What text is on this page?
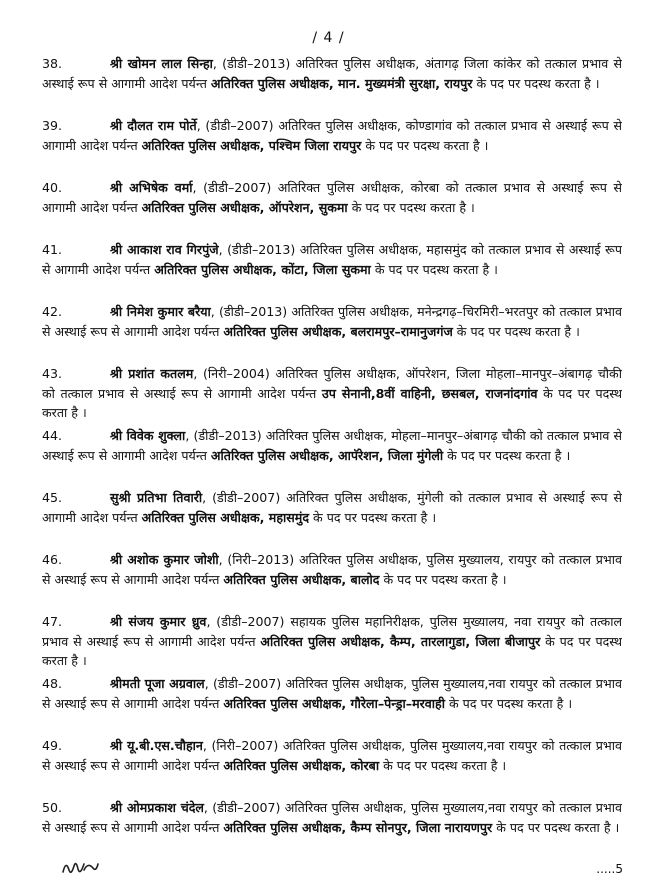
/ 4 /
38.	श्री खोमन लाल सिन्हा, (डीडी–2013) अतिरिक्त पुलिस अधीक्षक, अंतागढ़ जिला कांकेर को तत्काल प्रभाव से अस्थाई रूप से आगामी आदेश पर्यन्त अतिरिक्त पुलिस अधीक्षक, मान. मुख्यमंत्री सुरक्षा, रायपुर के पद पर पदस्थ करता है ।
39.	श्री दौलत राम पोर्ते, (डीडी–2007) अतिरिक्त पुलिस अधीक्षक, कोण्डागांव को तत्काल प्रभाव से अस्थाई रूप से आगामी आदेश पर्यन्त अतिरिक्त पुलिस अधीक्षक, पश्चिम जिला रायपुर के पद पर पदस्थ करता है ।
40.	श्री अभिषेक वर्मा, (डीडी–2007) अतिरिक्त पुलिस अधीक्षक, कोरबा को तत्काल प्रभाव से अस्थाई रूप से आगामी आदेश पर्यन्त अतिरिक्त पुलिस अधीक्षक, ऑपरेशन, सुकमा के पद पर पदस्थ करता है ।
41.	श्री आकाश राव गिरपुंजे, (डीडी–2013) अतिरिक्त पुलिस अधीक्षक, महासमुंद को तत्काल प्रभाव से अस्थाई रूप से आगामी आदेश पर्यन्त अतिरिक्त पुलिस अधीक्षक, कोंटा, जिला सुकमा के पद पर पदस्थ करता है ।
42.	श्री निमेश कुमार बरैया, (डीडी–2013) अतिरिक्त पुलिस अधीक्षक, मनेन्द्रगढ़–चिरमिरी–भरतपुर को तत्काल प्रभाव से अस्थाई रूप से आगामी आदेश पर्यन्त अतिरिक्त पुलिस अधीक्षक, बलरामपुर–रामानुजगंज के पद पर पदस्थ करता है ।
43.	श्री प्रशांत कतलम, (निरी–2004) अतिरिक्त पुलिस अधीक्षक, ऑपरेशन, जिला मोहला–मानपुर–अंबागढ़ चौकी को तत्काल प्रभाव से अस्थाई रूप से आगामी आदेश पर्यन्त उप सेनानी,8वीं वाहिनी, छसबल, राजनांदगांव के पद पर पदस्थ करता है ।
44.	श्री विवेक शुक्ला, (डीडी–2013) अतिरिक्त पुलिस अधीक्षक, मोहला–मानपुर–अंबागढ़ चौकी को तत्काल प्रभाव से अस्थाई रूप से आगामी आदेश पर्यन्त अतिरिक्त पुलिस अधीक्षक, आपॅरेशन, जिला मुंगेली के पद पर पदस्थ करता है ।
45.	सुश्री प्रतिभा तिवारी, (डीडी–2007) अतिरिक्त पुलिस अधीक्षक, मुंगेली को तत्काल प्रभाव से अस्थाई रूप से आगामी आदेश पर्यन्त अतिरिक्त पुलिस अधीक्षक, महासमुंद के पद पर पदस्थ करता है ।
46.	श्री अशोक कुमार जोशी, (निरी–2013) अतिरिक्त पुलिस अधीक्षक, पुलिस मुख्यालय, रायपुर को तत्काल प्रभाव से अस्थाई रूप से आगामी आदेश पर्यन्त अतिरिक्त पुलिस अधीक्षक, बालोद के पद पर पदस्थ करता है ।
47.	श्री संजय कुमार ध्रुव, (डीडी–2007) सहायक पुलिस महानिरीक्षक, पुलिस मुख्यालय, नवा रायपुर को तत्काल प्रभाव से अस्थाई रूप से आगामी आदेश पर्यन्त अतिरिक्त पुलिस अधीक्षक, कैम्प, तारलागुडा, जिला बीजापुर के पद पर पदस्थ करता है ।
48.	श्रीमती पूजा अग्रवाल, (डीडी–2007) अतिरिक्त पुलिस अधीक्षक, पुलिस मुख्यालय,नवा रायपुर को तत्काल प्रभाव से अस्थाई रूप से आगामी आदेश पर्यन्त अतिरिक्त पुलिस अधीक्षक, गौरेला–पेन्ड्रा–मरवाही के पद पर पदस्थ करता है ।
49.	श्री यू.बी.एस.चौहान, (निरी–2007) अतिरिक्त पुलिस अधीक्षक, पुलिस मुख्यालय,नवा रायपुर को तत्काल प्रभाव से अस्थाई रूप से आगामी आदेश पर्यन्त अतिरिक्त पुलिस अधीक्षक, कोरबा के पद पर पदस्थ करता है ।
50.	श्री ओमप्रकाश चंदेल, (डीडी–2007) अतिरिक्त पुलिस अधीक्षक, पुलिस मुख्यालय,नवा रायपुर को तत्काल प्रभाव से अस्थाई रूप से आगामी आदेश पर्यन्त अतिरिक्त पुलिस अधीक्षक, कैम्प सोनपुर, जिला नारायणपुर के पद पर पदस्थ करता है ।
.....5
